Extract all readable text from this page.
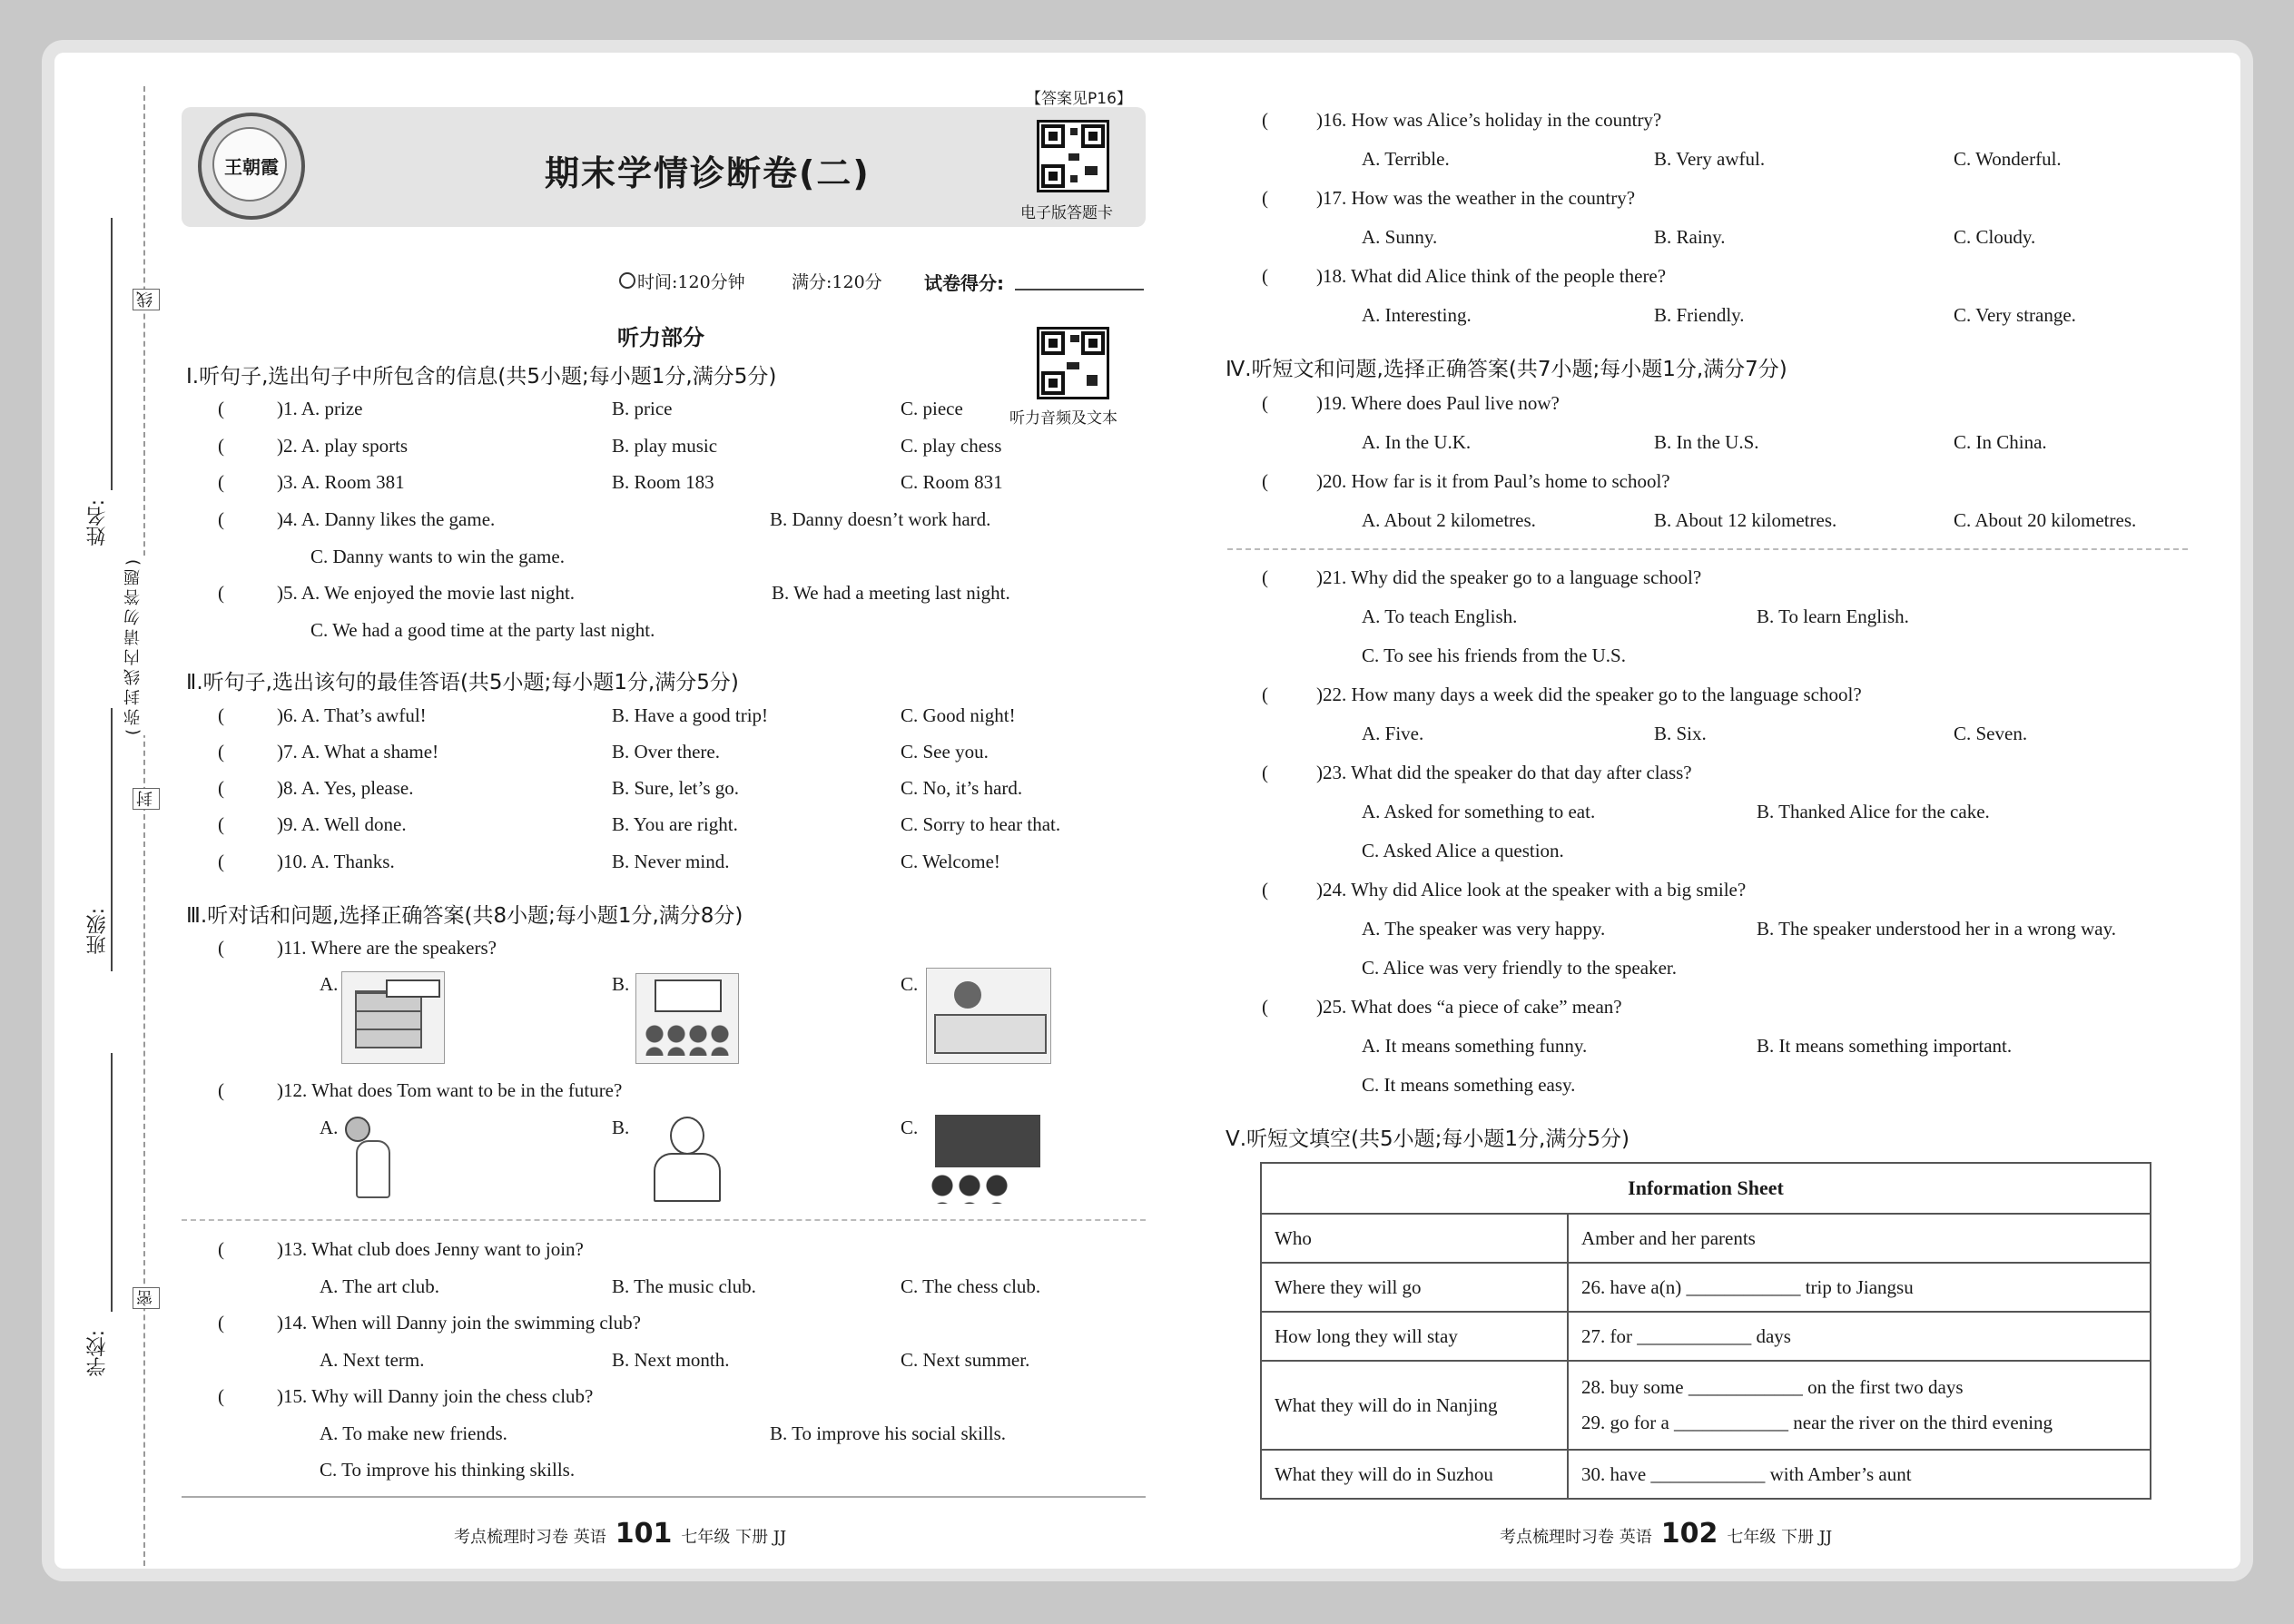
姓名:
班级:
学校:
线
封
密
(弥封线内请勿答题)
王朝霞
【答案见P16】
期末学情诊断卷(二)
电子版答题卡
时间:120分钟	满分:120分 试卷得分:
听力部分
听力音频及文本
Ⅰ.听句子,选出句子中所包含的信息(共5小题;每小题1分,满分5分)
(	)1. A. prize	B. price	C. piece
(	)2. A. play sports	B. play music	C. play chess
(	)3. A. Room 381	B. Room 183	C. Room 831
(	)4. A. Danny likes the game.	B. Danny doesn’t work hard.
C. Danny wants to win the game.
(	)5. A. We enjoyed the movie last night.	B. We had a meeting last night.
C. We had a good time at the party last night.
Ⅱ.听句子,选出该句的最佳答语(共5小题;每小题1分,满分5分)
(	)6. A. That’s awful!	B. Have a good trip!	C. Good night!
(	)7. A. What a shame!	B. Over there.	C. See you.
(	)8. A. Yes, please.	B. Sure, let’s go.	C. No, it’s hard.
(	)9. A. Well done.	B. You are right.	C. Sorry to hear that.
(	)10. A. Thanks.	B. Never mind.	C. Welcome!
Ⅲ.听对话和问题,选择正确答案(共8小题;每小题1分,满分8分)
(	)11. Where are the speakers?
A.	B.	C.
(	)12. What does Tom want to be in the future?
A.	B.	C.
(	)13. What club does Jenny want to join?
A. The art club.	B. The music club.	C. The chess club.
(	)14. When will Danny join the swimming club?
A. Next term.	B. Next month.	C. Next summer.
(	)15. Why will Danny join the chess club?
A. To make new friends.	B. To improve his social skills.
C. To improve his thinking skills.
(	)16. How was Alice’s holiday in the country?
A. Terrible.	B. Very awful.	C. Wonderful.
(	)17. How was the weather in the country?
A. Sunny.	B. Rainy.	C. Cloudy.
(	)18. What did Alice think of the people there?
A. Interesting.	B. Friendly.	C. Very strange.
Ⅳ.听短文和问题,选择正确答案(共7小题;每小题1分,满分7分)
(	)19. Where does Paul live now?
A. In the U.K.	B. In the U.S.	C. In China.
(	)20. How far is it from Paul’s home to school?
A. About 2 kilometres.	B. About 12 kilometres.	C. About 20 kilometres.
(	)21. Why did the speaker go to a language school?
A. To teach English.	B. To learn English.
C. To see his friends from the U.S.
(	)22. How many days a week did the speaker go to the language school?
A. Five.	B. Six.	C. Seven.
(	)23. What did the speaker do that day after class?
A. Asked for something to eat.	B. Thanked Alice for the cake.
C. Asked Alice a question.
(	)24. Why did Alice look at the speaker with a big smile?
A. The speaker was very happy.	B. The speaker understood her in a wrong way.
C. Alice was very friendly to the speaker.
(	)25. What does “a piece of cake” mean?
A. It means something funny.	B. It means something important.
C. It means something easy.
Ⅴ.听短文填空(共5小题;每小题1分,满分5分)
Information Sheet	
Who	Amber and her parents
Where they will go	26. have a(n) ____________ trip to Jiangsu
How long they will stay	27. for ____________ days
What they will do in Nanjing	28. buy some ____________ on the first two days
29. go for a ____________ near the river on the third evening

What they will do in Suzhou	30. have ____________ with Amber’s aunt
考点梳理时习卷 英语 101 七年级 下册 JJ	考点梳理时习卷 英语 102 七年级 下册 JJ
